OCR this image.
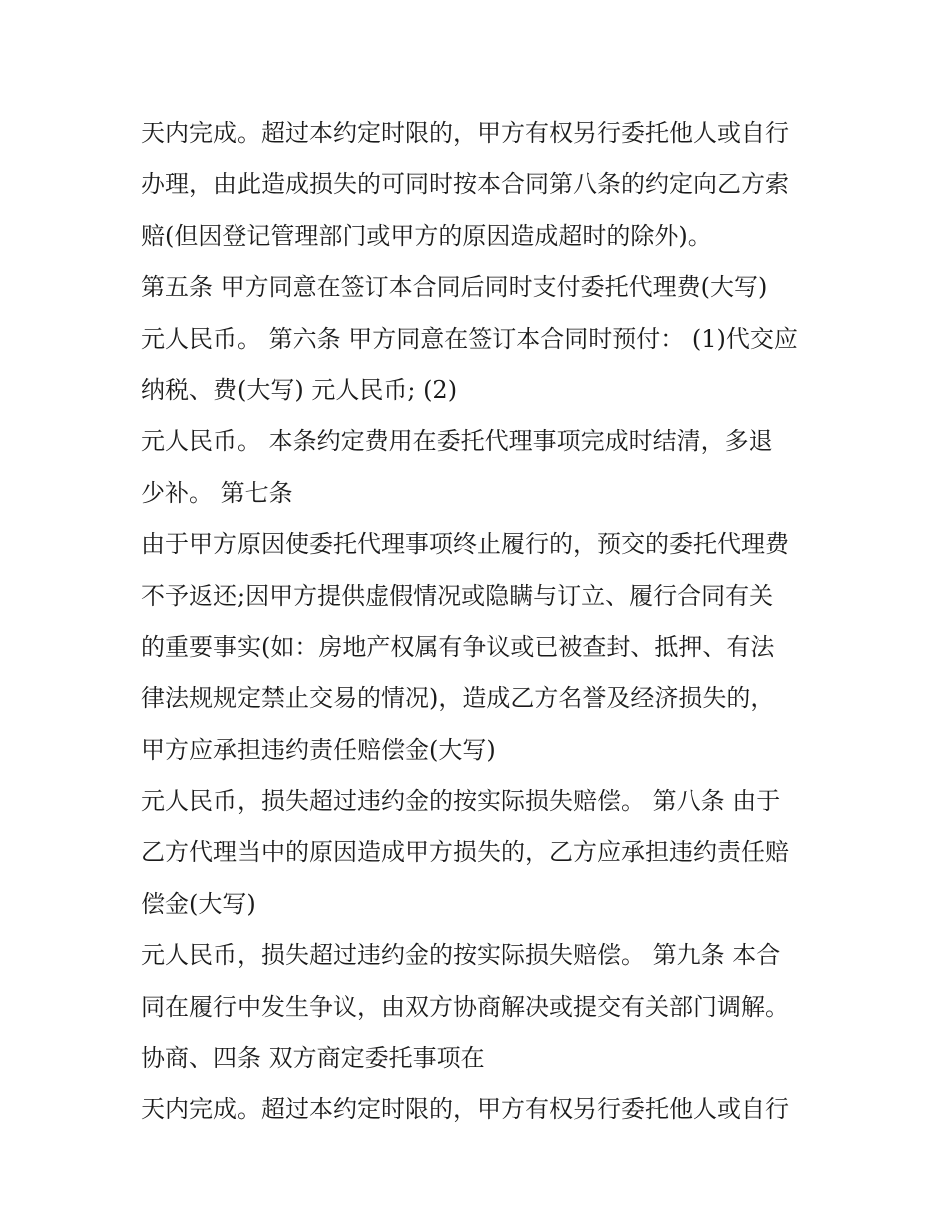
天内完成。超过本约定时限的，甲方有权另行委托他人或自行
办理，由此造成损失的可同时按本合同第八条的约定向乙方索
赔(但因登记管理部门或甲方的原因造成超时的除外)。
第五条 甲方同意在签订本合同后同时支付委托代理费(大写)
元人民币。 第六条 甲方同意在签订本合同时预付： (1)代交应
纳税、费(大写) 元人民币; (2)
元人民币。 本条约定费用在委托代理事项完成时结清，多退
少补。 第七条
由于甲方原因使委托代理事项终止履行的，预交的委托代理费
不予返还;因甲方提供虚假情况或隐瞒与订立、履行合同有关
的重要事实(如：房地产权属有争议或已被查封、抵押、有法
律法规规定禁止交易的情况)，造成乙方名誉及经济损失的，
甲方应承担违约责任赔偿金(大写)
元人民币，损失超过违约金的按实际损失赔偿。 第八条 由于
乙方代理当中的原因造成甲方损失的，乙方应承担违约责任赔
偿金(大写)
元人民币，损失超过违约金的按实际损失赔偿。 第九条 本合
同在履行中发生争议，由双方协商解决或提交有关部门调解。
协商、四条 双方商定委托事项在
天内完成。超过本约定时限的，甲方有权另行委托他人或自行
